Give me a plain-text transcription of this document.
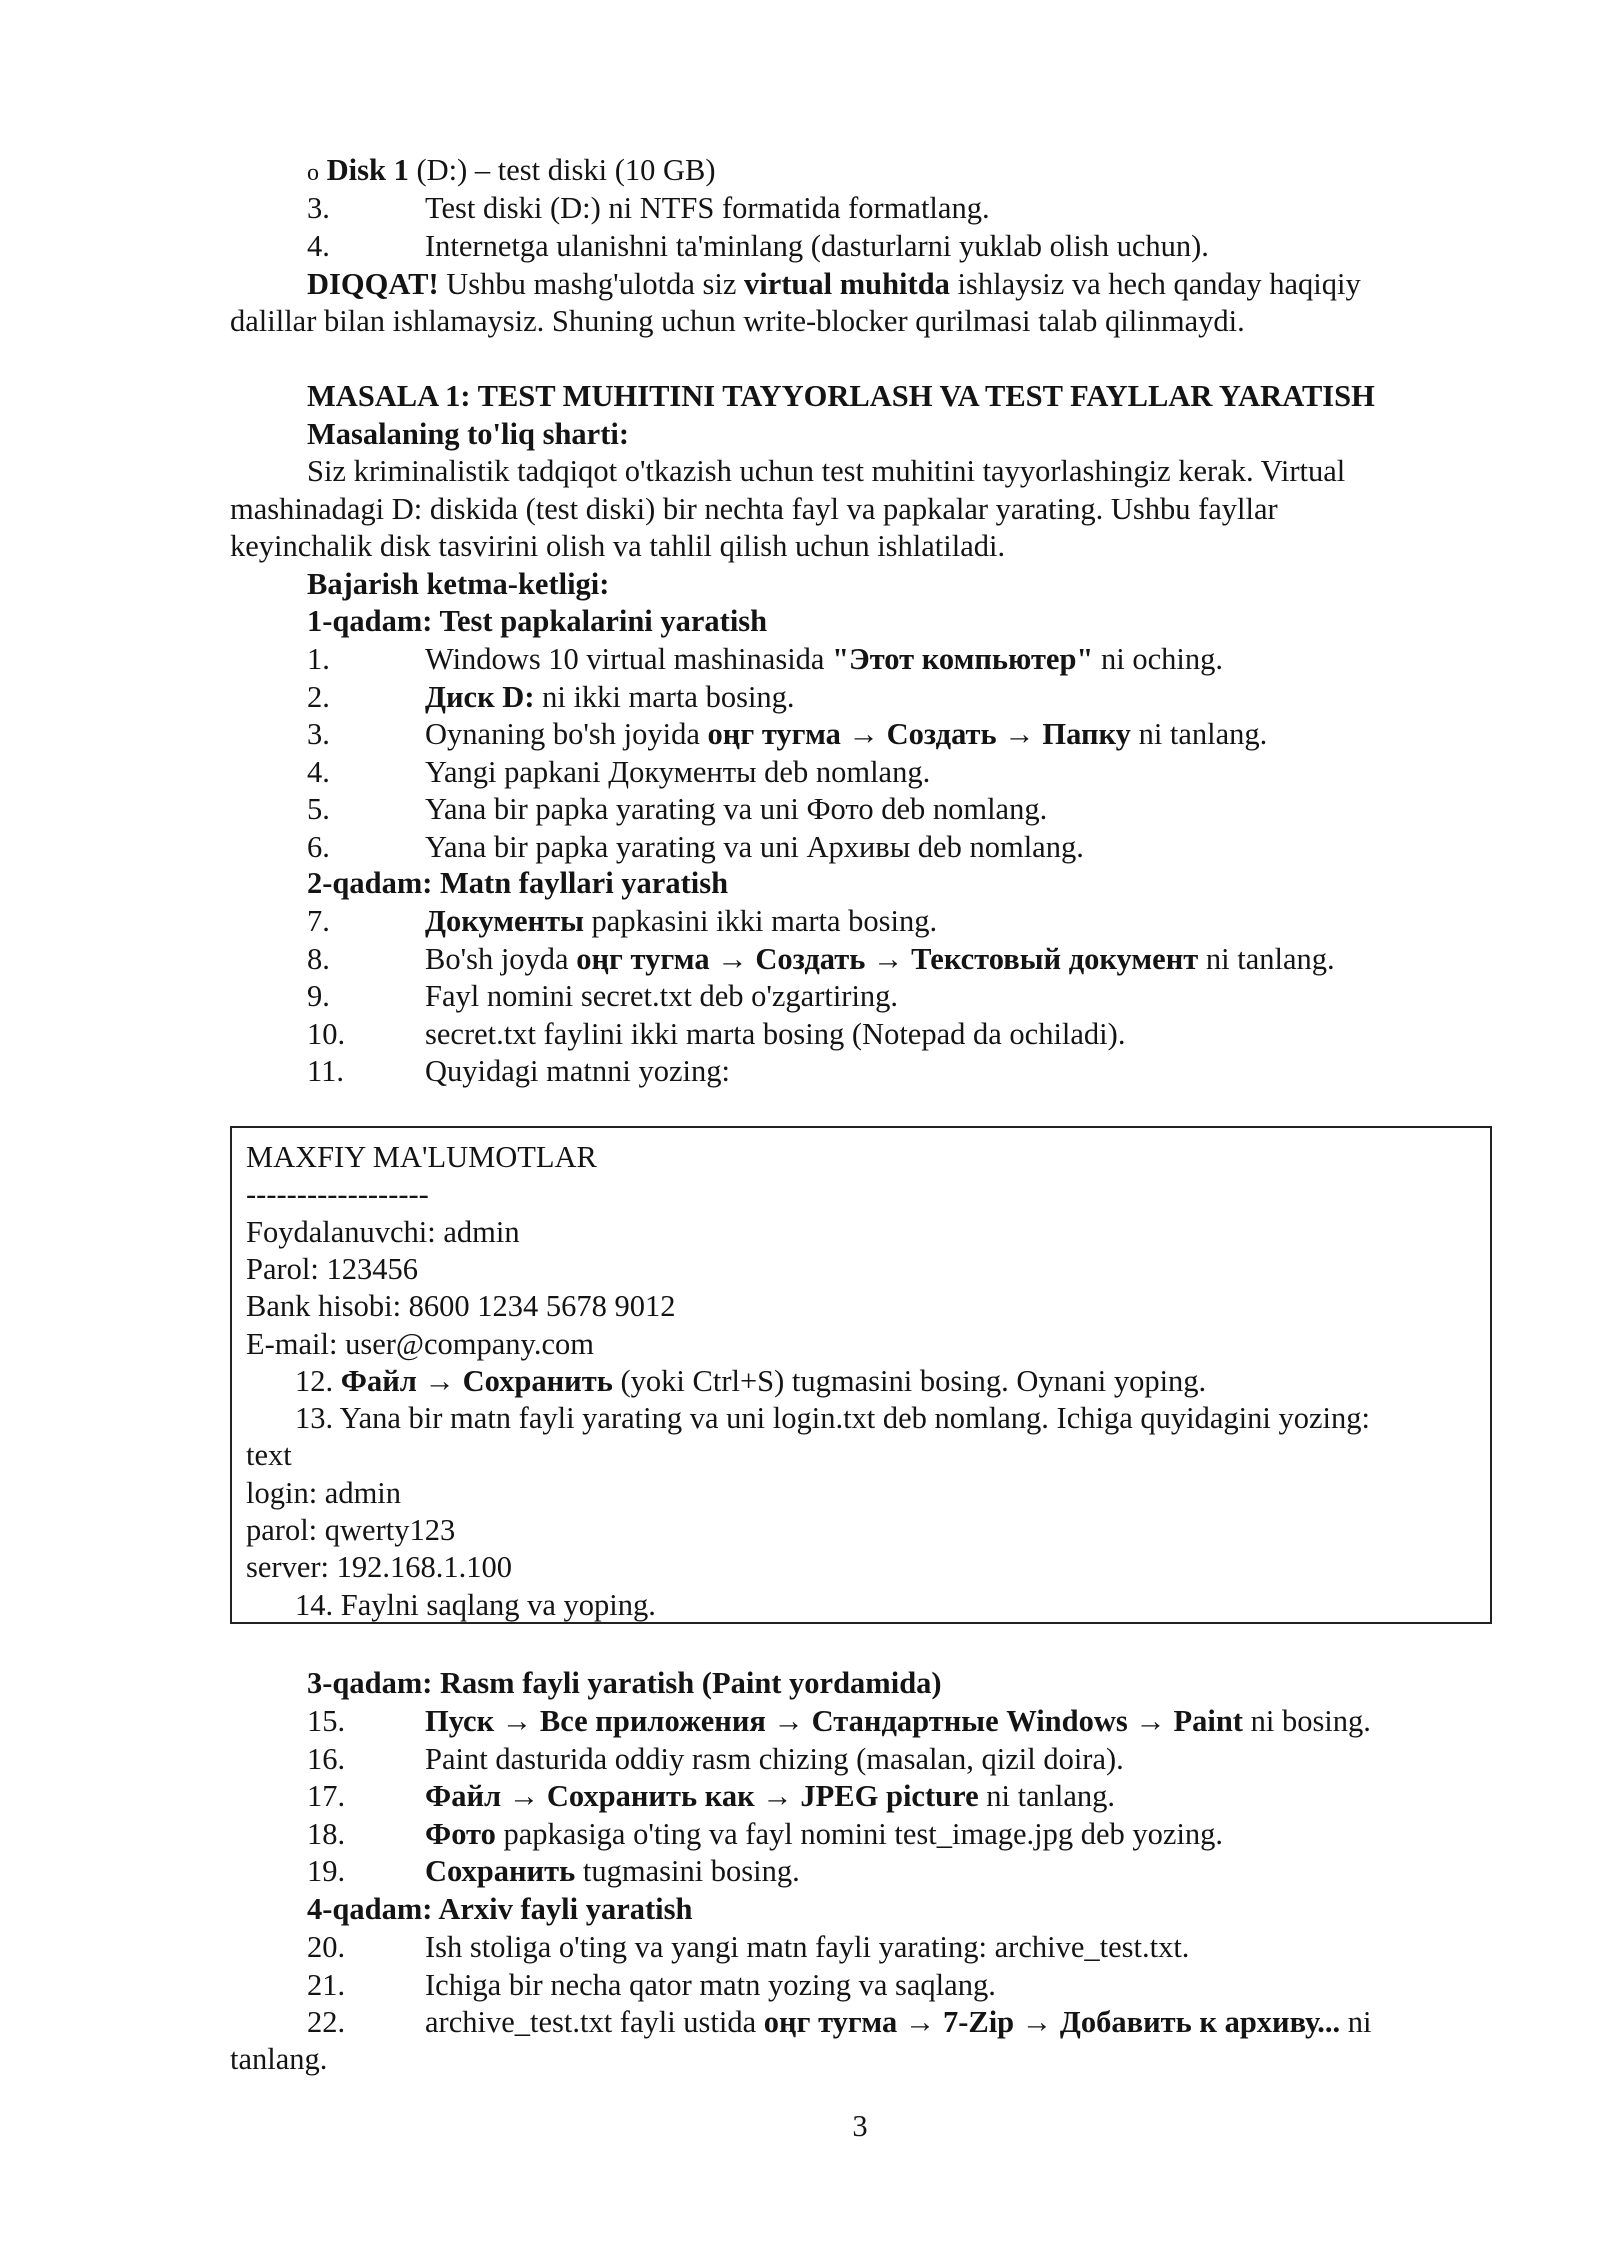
o Disk 1 (D:) – test diski (10 GB)
3.	Test diski (D:) ni NTFS formatida formatlang.
4.	Internetga ulanishni ta'minlang (dasturlarni yuklab olish uchun).
DIQQAT! Ushbu mashg'ulotda siz virtual muhitda ishlaysiz va hech qanday haqiqiy
dalillar bilan ishlamaysiz. Shuning uchun write-blocker qurilmasi talab qilinmaydi.
MASALA 1: TEST MUHITINI TAYYORLASH VA TEST FAYLLAR YARATISH
Masalaning to'liq sharti:
Siz kriminalistik tadqiqot o'tkazish uchun test muhitini tayyorlashingiz kerak. Virtual
mashinadagi D: diskida (test diski) bir nechta fayl va papkalar yarating. Ushbu fayllar
keyinchalik disk tasvirini olish va tahlil qilish uchun ishlatiladi.
Bajarish ketma-ketligi:
1-qadam: Test papkalarini yaratish
1.	Windows 10 virtual mashinasida "Этот компьютер" ni oching.
2.	Диск D: ni ikki marta bosing.
3.	Oynaning bo'sh joyida oңг тугма → Создать → Папку ni tanlang.
4.	Yangi papkani Документы deb nomlang.
5.	Yana bir papka yarating va uni Фото deb nomlang.
6.	Yana bir papka yarating va uni Архивы deb nomlang.
2-qadam: Matn fayllari yaratish
7.	Документы papkasini ikki marta bosing.
8.	Bo'sh joyda oңг тугма → Создать → Текстовый документ ni tanlang.
9.	Fayl nomini secret.txt deb o'zgartiring.
10.	secret.txt faylini ikki marta bosing (Notepad da ochiladi).
11.	Quyidagi matnni yozing:
MAXFIY MA'LUMOTLAR
------------------
Foydalanuvchi: admin
Parol: 123456
Bank hisobi: 8600 1234 5678 9012
E-mail: user@company.com
12. Файл → Сохранить (yoki Ctrl+S) tugmasini bosing. Oynani yoping.
13. Yana bir matn fayli yarating va uni login.txt deb nomlang. Ichiga quyidagini yozing:
text
login: admin
parol: qwerty123
server: 192.168.1.100
14. Faylni saqlang va yoping.
3-qadam: Rasm fayli yaratish (Paint yordamida)
15.	Пуск → Все приложения → Стандартные Windows → Paint ni bosing.
16.	Paint dasturida oddiy rasm chizing (masalan, qizil doira).
17.	Файл → Сохранить как → JPEG picture ni tanlang.
18.	Фото papkasiga o'ting va fayl nomini test_image.jpg deb yozing.
19.	Сохранить tugmasini bosing.
4-qadam: Arxiv fayli yaratish
20.	Ish stoliga o'ting va yangi matn fayli yarating: archive_test.txt.
21.	Ichiga bir necha qator matn yozing va saqlang.
22.	archive_test.txt fayli ustida oңг тугма → 7-Zip → Добавить к архиву... ni
tanlang.
3
